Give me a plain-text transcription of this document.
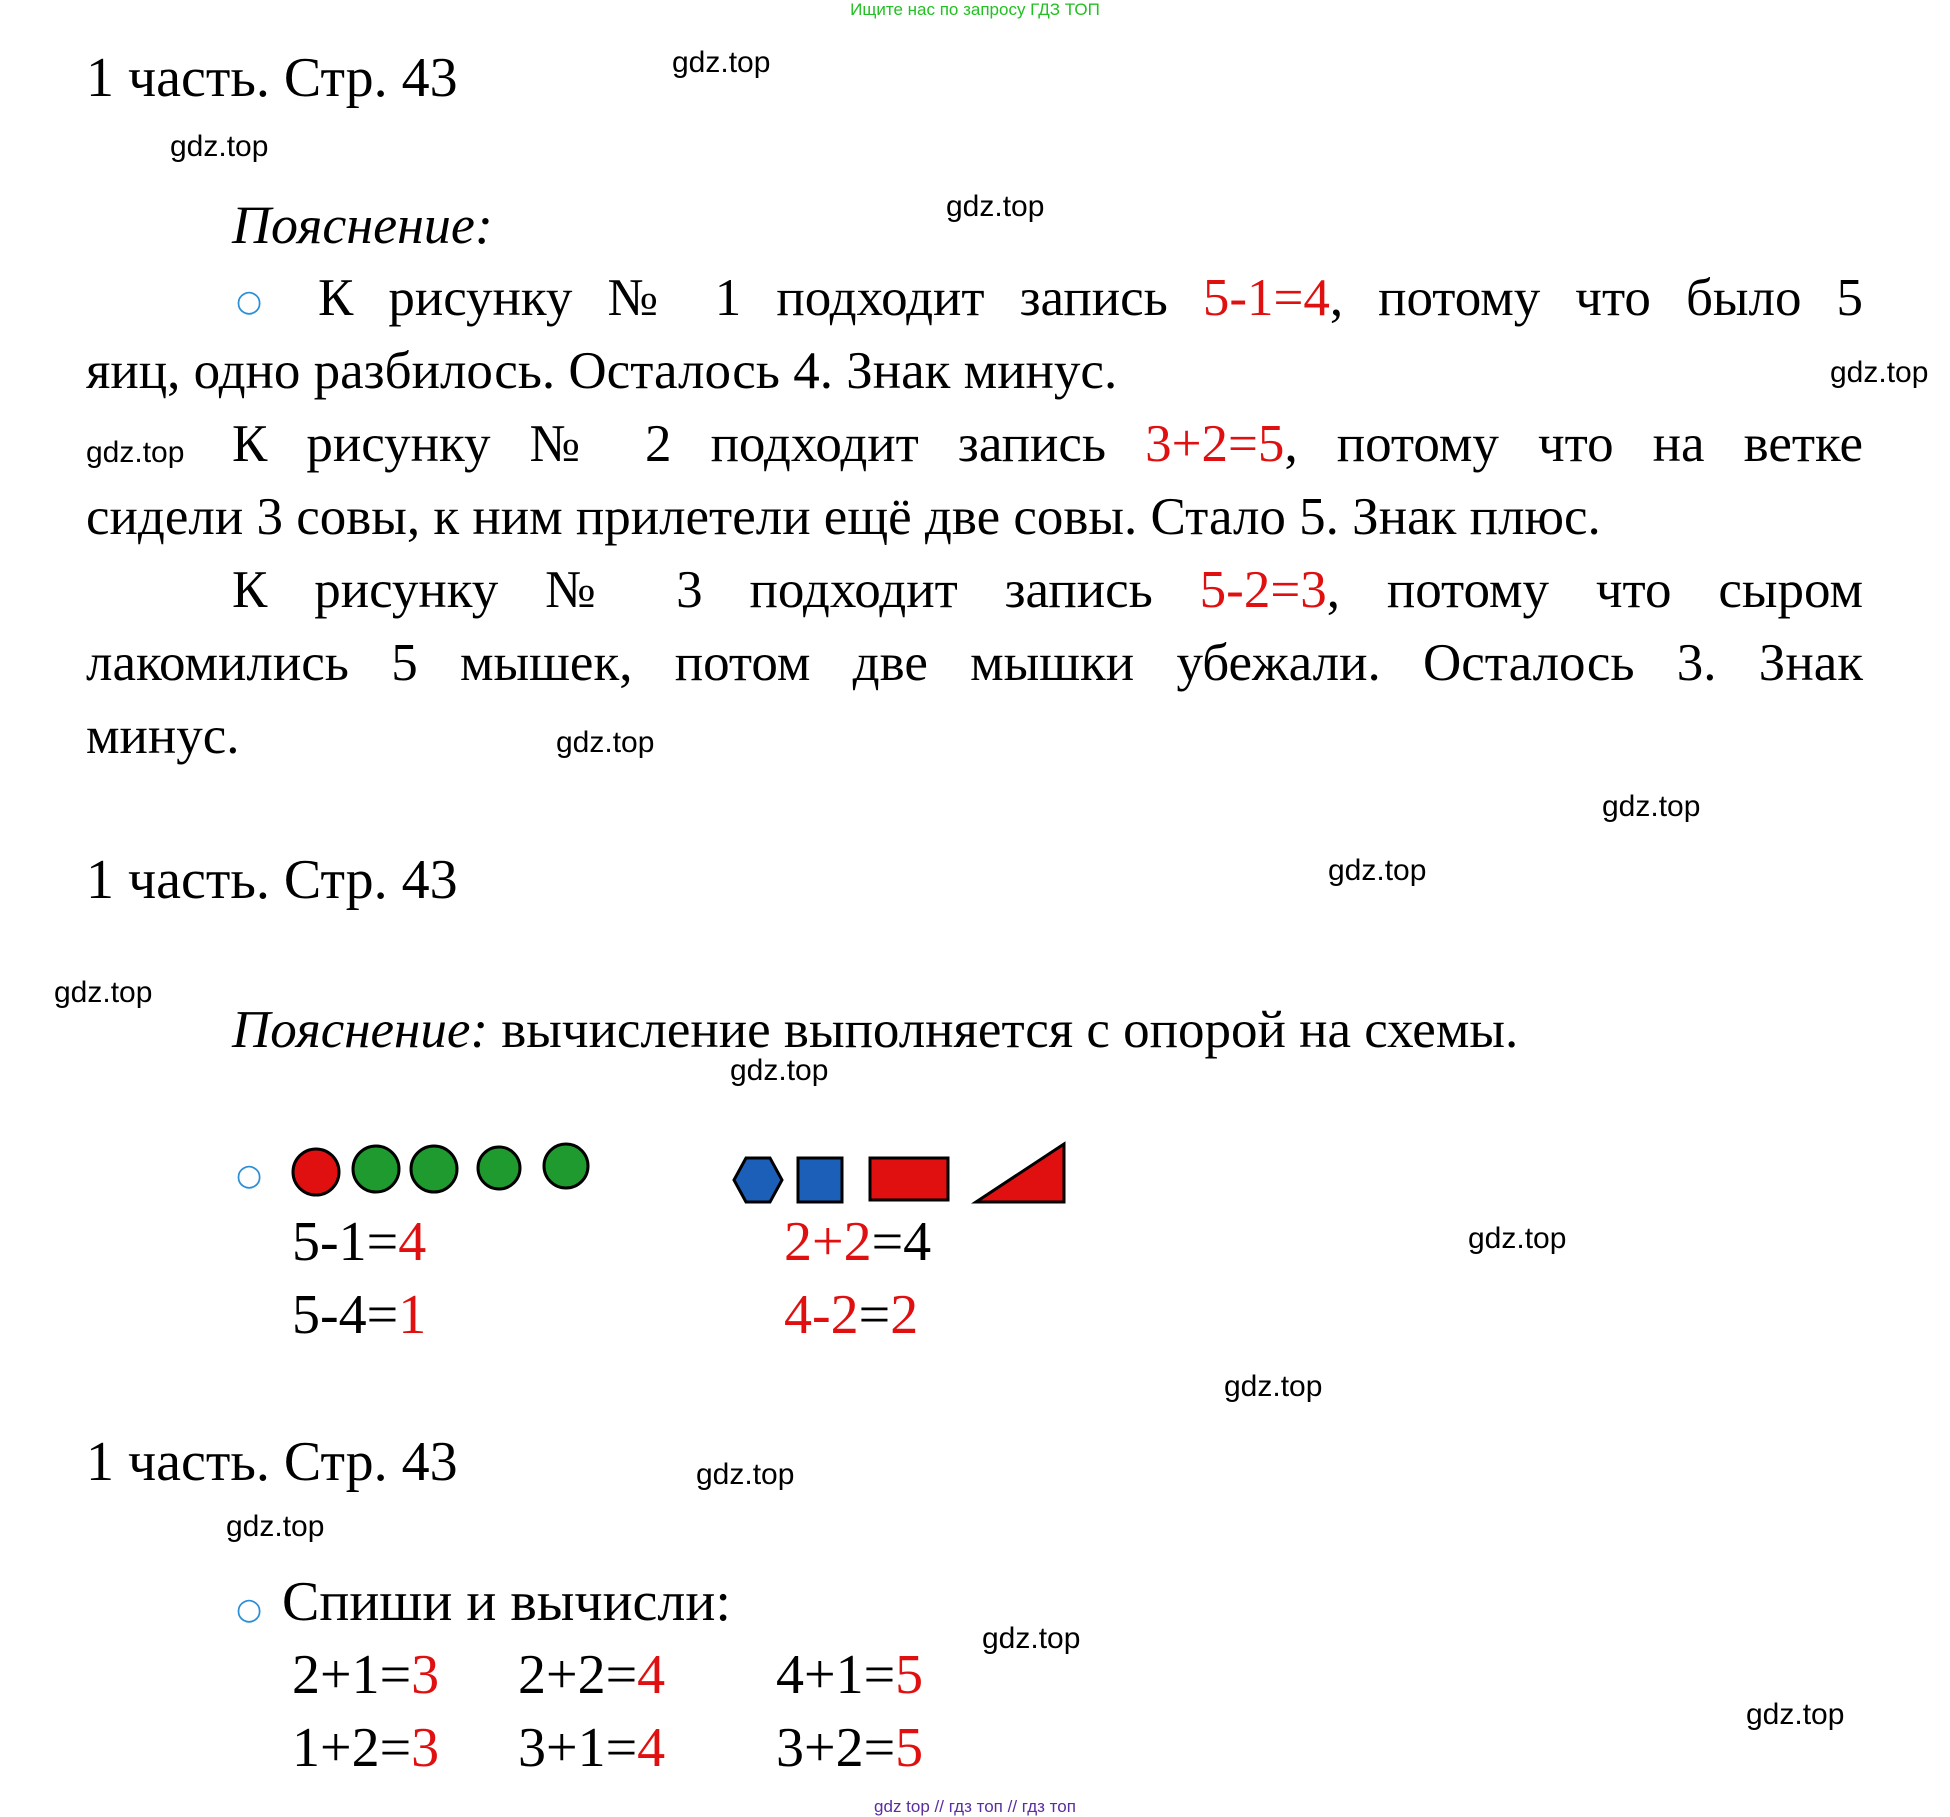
Ищите нас по запросу ГДЗ ТОП
1 часть. Стр. 43
Пояснение:
○ К рисунку № 1 подходит запись 5-1=4, потому что было 5
яиц, одно разбилось. Осталось 4. Знак минус.
К рисунку № 2 подходит запись 3+2=5, потому что на ветке
сидели 3 совы, к ним прилетели ещё две совы. Стало 5. Знак плюс.
К рисунку № 3 подходит запись 5-2=3, потому что сыром
лакомились 5 мышек, потом две мышки убежали. Осталось 3. Знак
минус.
1 часть. Стр. 43
Пояснение: вычисление выполняется с опорой на схемы.
○
5-1=4
5-4=1
2+2=4
4-2=2
1 часть. Стр. 43
○ Спиши и вычисли:
2+1=3
1+2=3
2+2=4
3+1=4
4+1=5
3+2=5
gdz.top
gdz.top
gdz.top
gdz.top
gdz.top
gdz.top
gdz.top
gdz.top
gdz.top
gdz.top
gdz.top
gdz.top
gdz.top
gdz.top
gdz.top
gdz.top
gdz top // гдз топ // гдз топ
